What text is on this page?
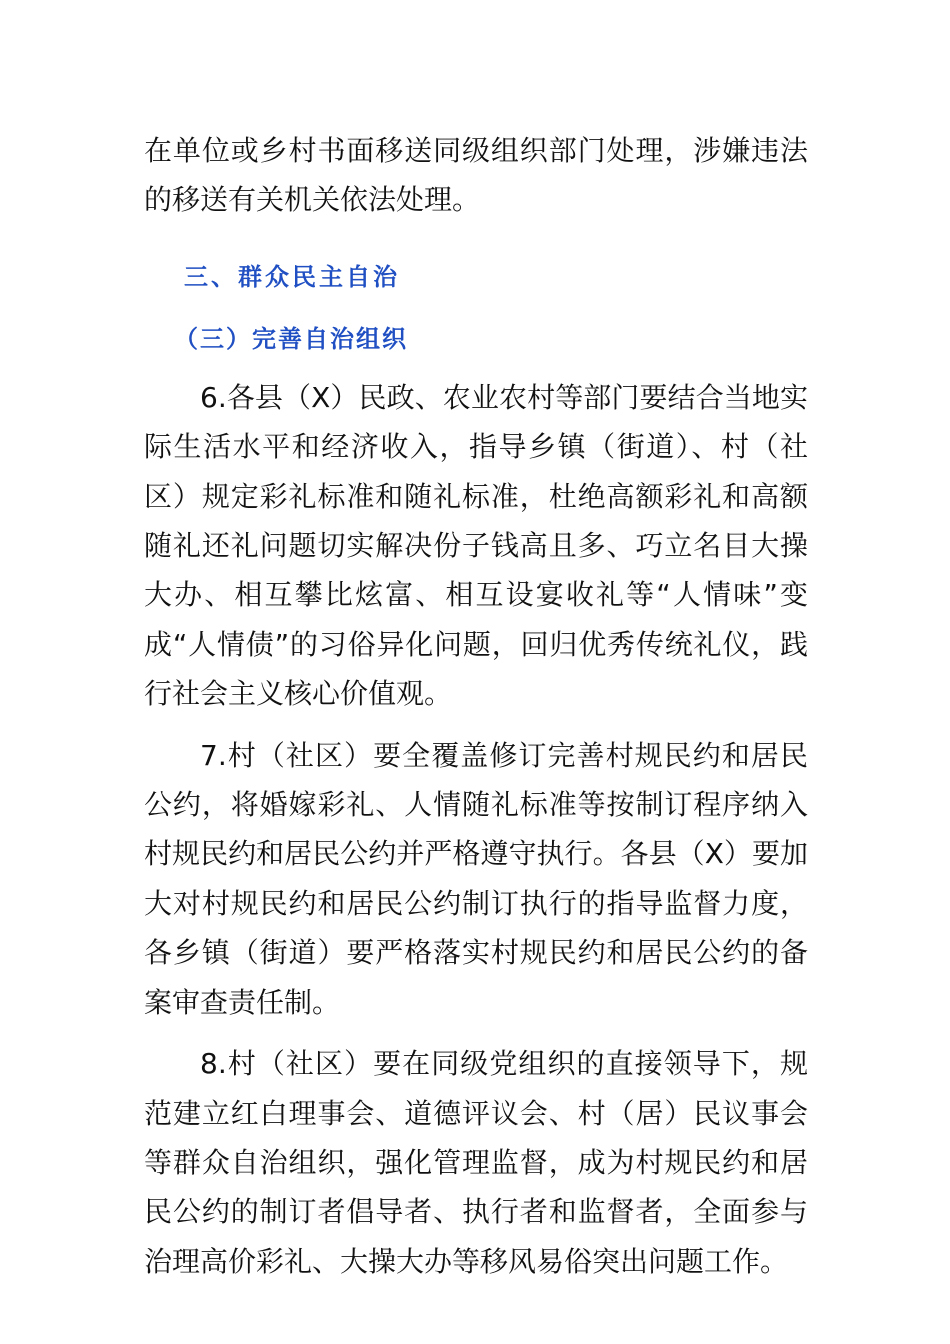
在单位或乡村书面移送同级组织部门处理，涉嫌违法的移送有关机关依法处理。

三、群众民主自治

（三）完善自治组织

6.各县（X）民政、农业农村等部门要结合当地实际生活水平和经济收入，指导乡镇（街道）、村（社区）规定彩礼标准和随礼标准，杜绝高额彩礼和高额随礼还礼问题切实解决份子钱高且多、巧立名目大操大办、相互攀比炫富、相互设宴收礼等“人情味”变成“人情债”的习俗异化问题，回归优秀传统礼仪，践行社会主义核心价值观。

7.村（社区）要全覆盖修订完善村规民约和居民公约，将婚嫁彩礼、人情随礼标准等按制订程序纳入村规民约和居民公约并严格遵守执行。各县（X）要加大对村规民约和居民公约制订执行的指导监督力度，各乡镇（街道）要严格落实村规民约和居民公约的备案审查责任制。

8.村（社区）要在同级党组织的直接领导下，规范建立红白理事会、道德评议会、村（居）民议事会等群众自治组织，强化管理监督，成为村规民约和居民公约的制订者倡导者、执行者和监督者，全面参与治理高价彩礼、大操大办等移风易俗突出问题工作。
